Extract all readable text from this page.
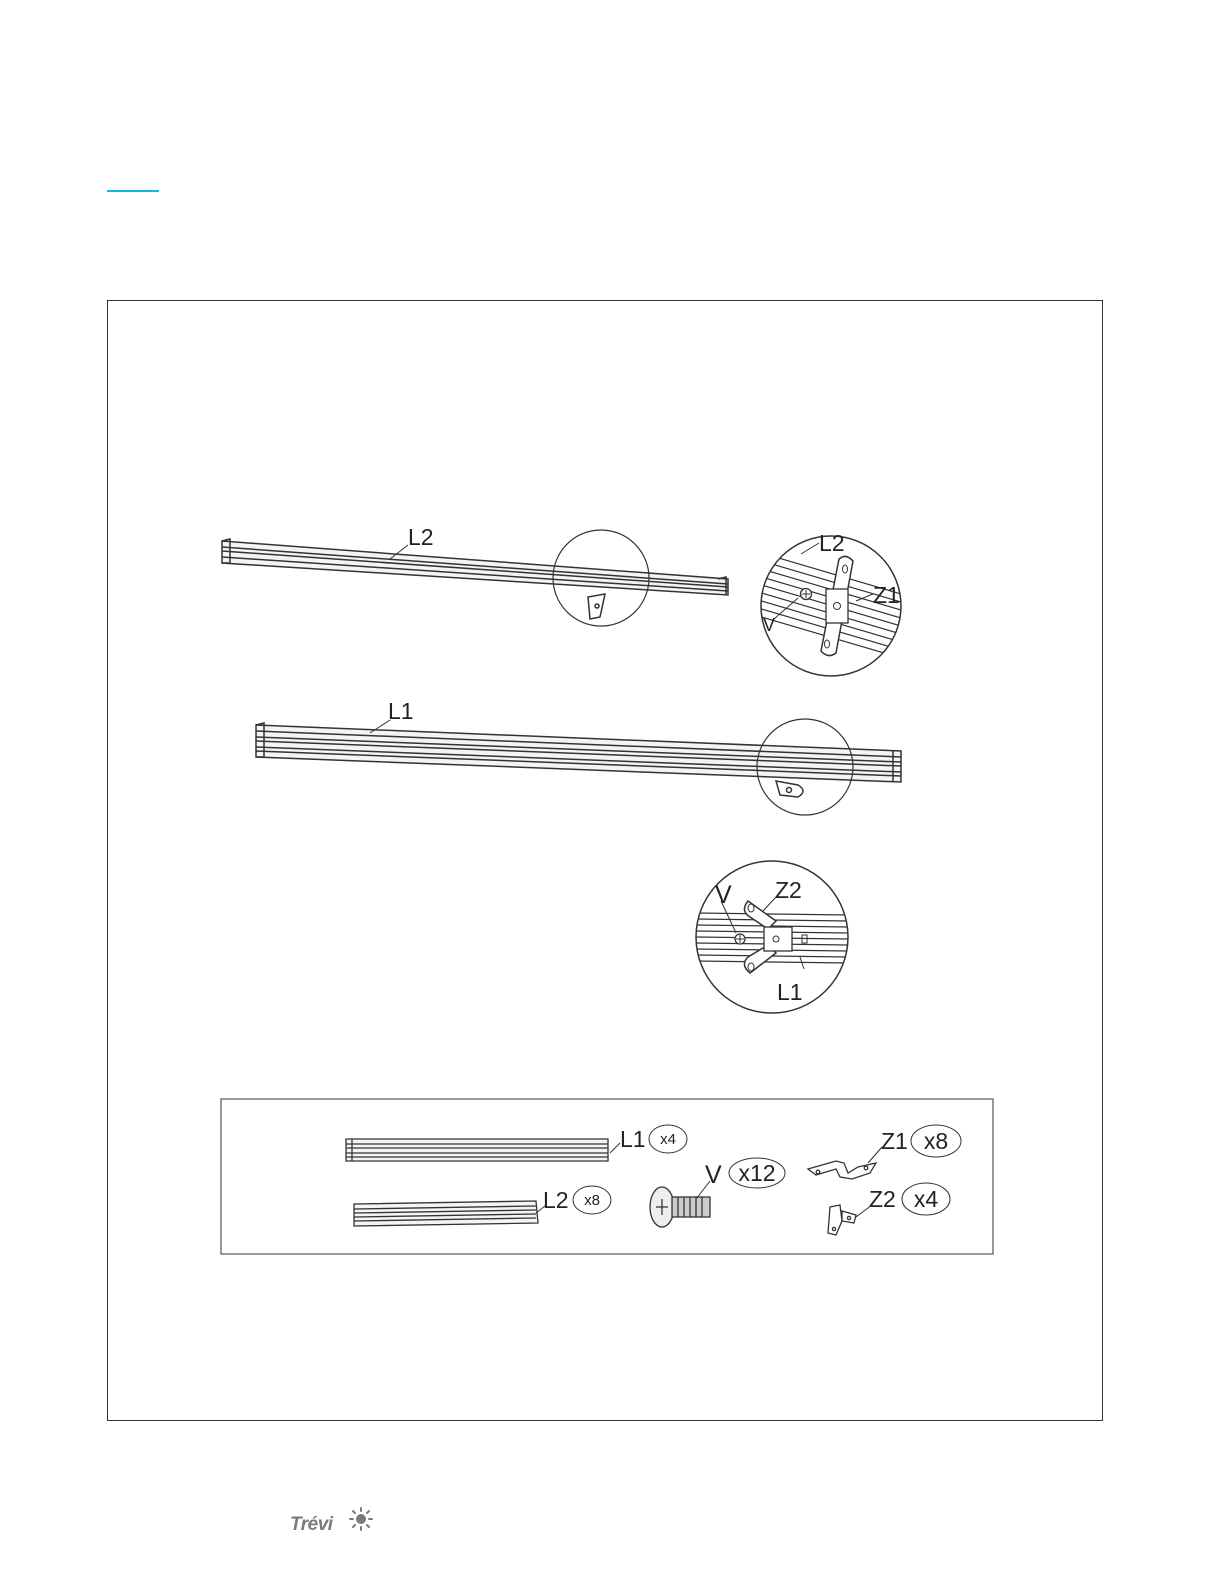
L2	L2
Z1
V
L1
V Z2
L1
L1 x4
L2 x8
V x12
Z1 x8
Z2 x4
Trévi
